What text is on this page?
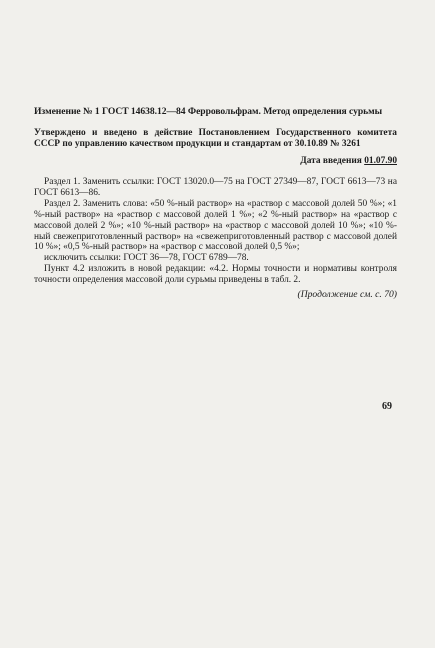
Изменение № 1 ГОСТ 14638.12—84 Ферровольфрам. Метод определения сурьмы

Утверждено и введено в действие Постановлением Государственного комитета СССР по управлению качеством продукции и стандартам от 30.10.89 № 3261

Дата введения 01.07.90

Раздел 1. Заменить ссылки: ГОСТ 13020.0—75 на ГОСТ 27349—87, ГОСТ 6613—73 на ГОСТ 6613—86.

Раздел 2. Заменить слова: «50 %-ный раствор» на «раствор с массовой долей 50 %»; «1 %-ный раствор» на «раствор с массовой долей 1 %»; «2 %-ный раствор» на «раствор с массовой долей 2 %»; «10 %-ный раствор» на «раствор с массовой долей 10 %»; «10 %-ный свежеприготовленный раствор» на «свежеприготовленный раствор с массовой долей 10 %»; «0,5 %-ный раствор» на «раствор с массовой долей 0,5 %»;

исключить ссылки: ГОСТ 36—78, ГОСТ 6789—78.

Пункт 4.2 изложить в новой редакции: «4.2. Нормы точности и нормативы контроля точности определения массовой доли сурьмы приведены в табл. 2.

(Продолжение см. с. 70)

69
